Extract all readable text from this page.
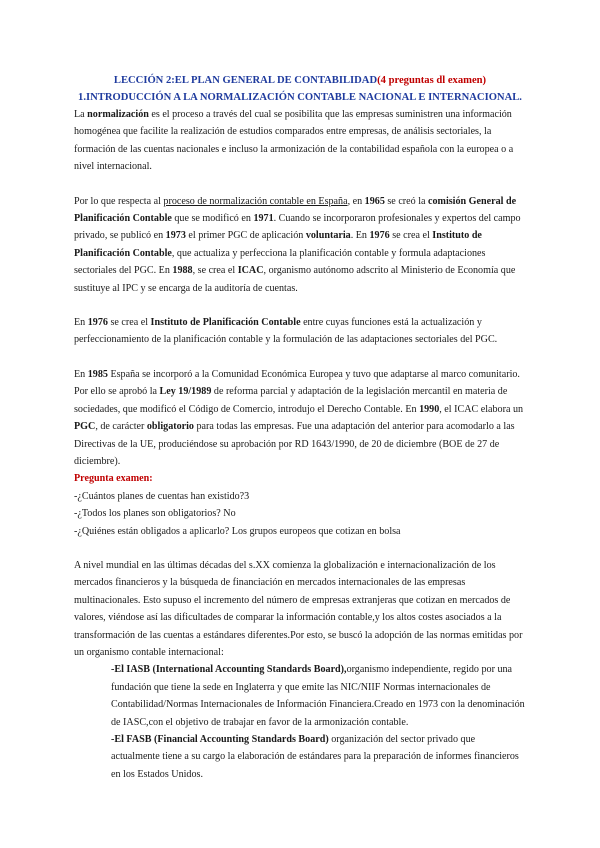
LECCIÓN 2:EL PLAN GENERAL DE CONTABILIDAD(4 preguntas dl examen)

1.INTRODUCCIÓN A LA NORMALIZACIÓN CONTABLE NACIONAL E INTERNACIONAL.

La normalización es el proceso a través del cual se posibilita que las empresas suministren una información homogénea que facilite la realización de estudios comparados entre empresas, de análisis sectoriales, la formación de las cuentas nacionales e incluso la armonización de la contabilidad española con la europea o a nivel internacional.

Por lo que respecta al proceso de normalización contable en España, en 1965 se creó la comisión General de Planificación Contable que se modificó en 1971. Cuando se incorporaron profesionales y expertos del campo privado, se publicó en 1973 el primer PGC de aplicación voluntaria. En 1976 se crea el Instituto de Planificación Contable, que actualiza y perfecciona la planificación contable y formula adaptaciones sectoriales del PGC. En 1988, se crea el ICAC, organismo autónomo adscrito al Ministerio de Economía que sustituye al IPC y se encarga de la auditoría de cuentas.

En 1976 se crea el Instituto de Planificación Contable entre cuyas funciones está la actualización y perfeccionamiento de la planificación contable y la formulación de las adaptaciones sectoriales del PGC.

En 1985 España se incorporó a la Comunidad Económica Europea y tuvo que adaptarse al marco comunitario. Por ello se aprobó la Ley 19/1989 de reforma parcial y adaptación de la legislación mercantil en materia de sociedades, que modificó el Código de Comercio, introdujo el Derecho Contable. En 1990, el ICAC elabora un PGC, de carácter obligatorio para todas las empresas. Fue una adaptación del anterior para acomodarlo a las Directivas de la UE, produciéndose su aprobación por RD 1643/1990, de 20 de diciembre (BOE de 27 de diciembre).

Pregunta examen:

-¿Cuántos planes de cuentas han existido?3

-¿Todos los planes son obligatorios? No

-¿Quiénes están obligados a aplicarlo? Los grupos europeos que cotizan en bolsa

A nivel mundial en las últimas décadas del s.XX comienza la globalización e internacionalización de los mercados financieros y la búsqueda de financiación en mercados internacionales de las empresas multinacionales. Esto supuso el incremento del número de empresas extranjeras que cotizan en mercados de valores, viéndose así las dificultades de comparar la información contable,y los altos costes asociados a la transformación de las cuentas a estándares diferentes.Por esto, se buscó la adopción de las normas emitidas por un organismo contable internacional:

-El IASB (International Accounting Standards Board),organismo independiente, regido por una fundación que tiene la sede en Inglaterra y que emite las NIC/NIIF Normas internacionales de Contabilidad/Normas Internacionales de Información Financiera.Creado en 1973 con la denominación de IASC,con el objetivo de trabajar en favor de la armonización contable.

-El FASB (Financial Accounting Standards Board) organización del sector privado que actualmente tiene a su cargo la elaboración de estándares para la preparación de informes financieros en los Estados Unidos.
